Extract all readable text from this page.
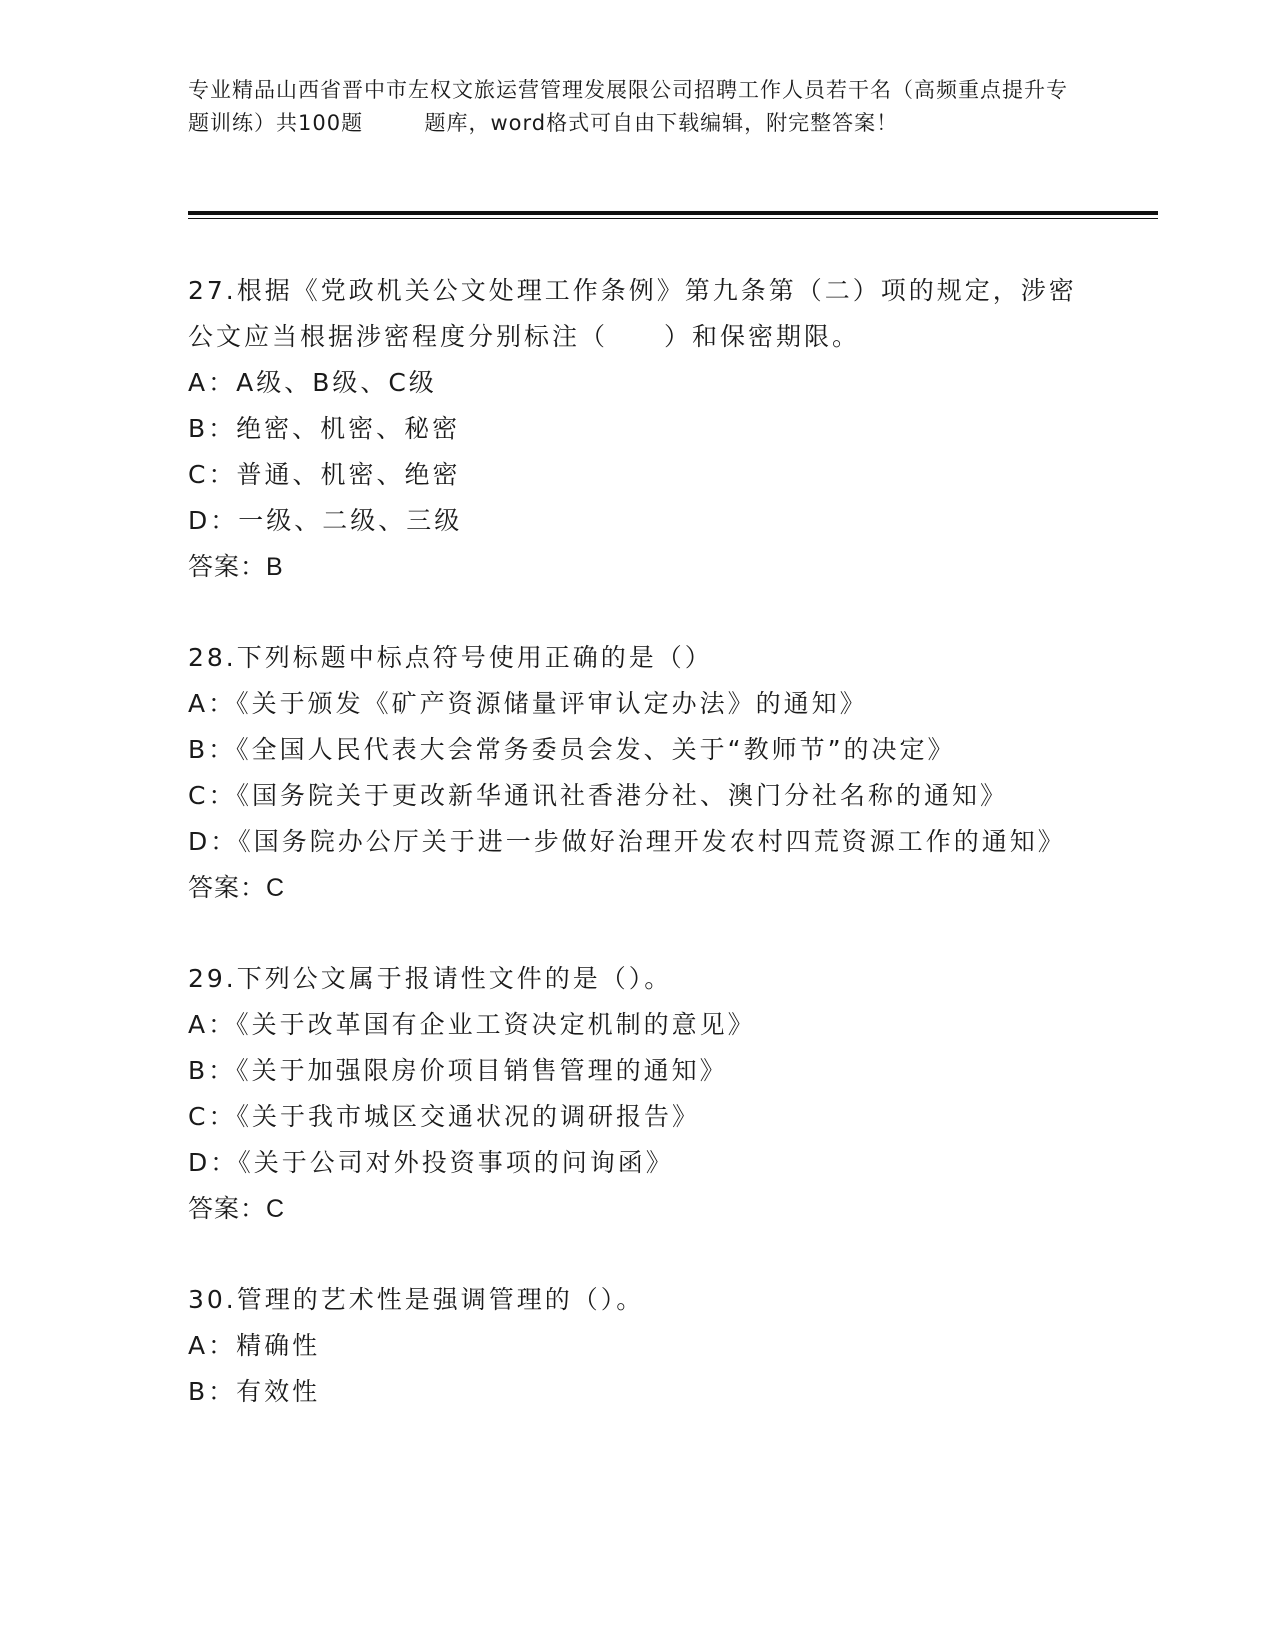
专业精品山西省晋中市左权文旅运营管理发展限公司招聘工作人员若干名（高频重点提升专题训练）共100题        题库，word格式可自由下载编辑，附完整答案！

27.根据《党政机关公文处理工作条例》第九条第（二）项的规定，涉密公文应当根据涉密程度分别标注（　　）和保密期限。

A：A级、B级、C级

B：绝密、机密、秘密

C：普通、机密、绝密

D：一级、二级、三级

答案：B

28.下列标题中标点符号使用正确的是（）

A：《关于颁发《矿产资源储量评审认定办法》的通知》

B：《全国人民代表大会常务委员会发、关于“教师节”的决定》

C：《国务院关于更改新华通讯社香港分社、澳门分社名称的通知》

D：《国务院办公厅关于进一步做好治理开发农村四荒资源工作的通知》

答案：C

29.下列公文属于报请性文件的是（）。

A：《关于改革国有企业工资决定机制的意见》

B：《关于加强限房价项目销售管理的通知》

C：《关于我市城区交通状况的调研报告》

D：《关于公司对外投资事项的问询函》

答案：C

30.管理的艺术性是强调管理的（）。

A：精确性

B：有效性
